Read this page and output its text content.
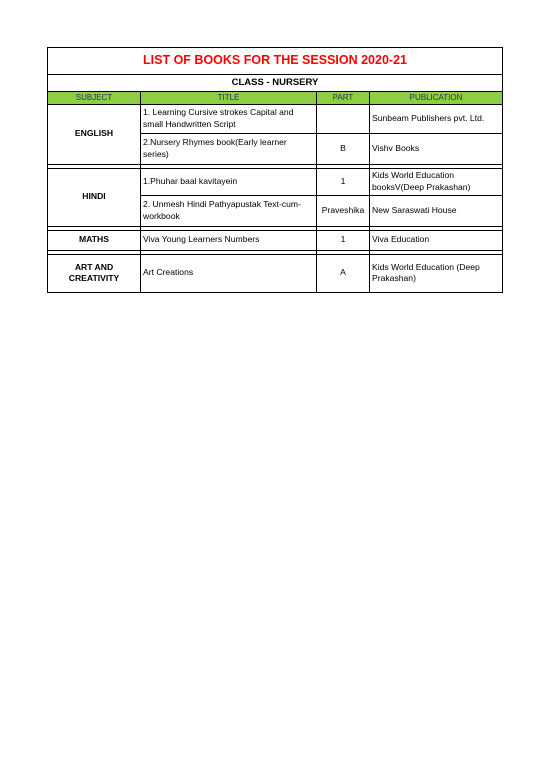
LIST OF BOOKS FOR THE SESSION 2020-21			
CLASS - NURSERY			
SUBJECT	TITLE	PART	PUBLICATION
ENGLISH	1. Learning Cursive strokes Capital and small Handwritten Script		Sunbeam Publishers pvt. Ltd.
	2.Nursery Rhymes book(Early learner series)	B	Vishv Books

HINDI	1.Phuhar baal kavitayein	1	Kids World Education booksV(Deep Prakashan)
	2. Unmesh Hindi Pathyapustak Text-cum-workbook	Praveshika	New Saraswati House

MATHS	Viva Young Learners Numbers	1	Viva Education

ART AND CREATIVITY	Art Creations	A	Kids World Education (Deep Prakashan)
